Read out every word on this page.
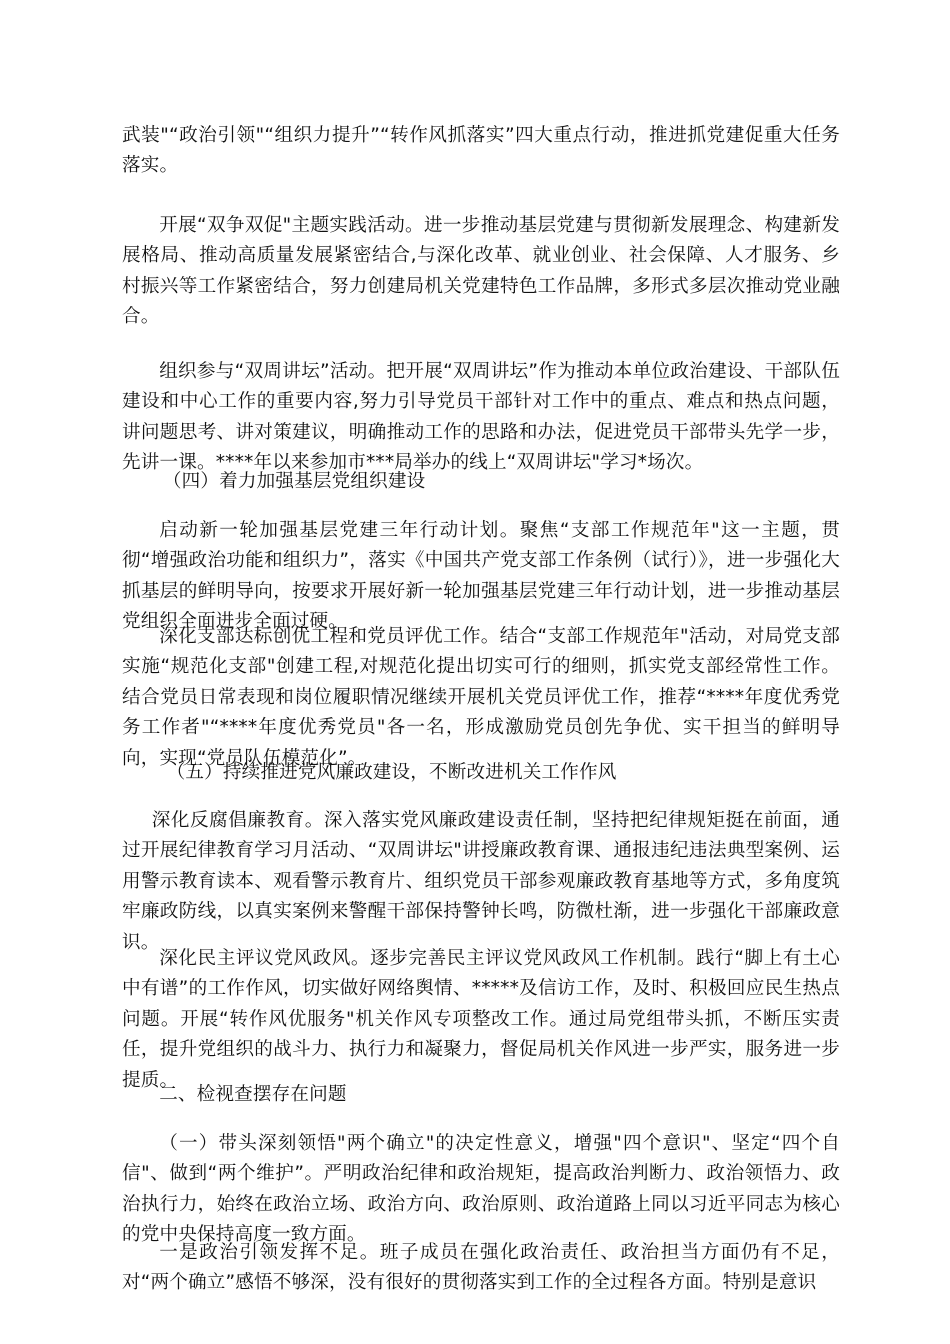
武装"“政治引领"“组织力提升”“转作风抓落实”四大重点行动，推进抓党建促重大任务落实。

开展“双争双促"主题实践活动。进一步推动基层党建与贯彻新发展理念、构建新发展格局、推动高质量发展紧密结合,与深化改革、就业创业、社会保障、人才服务、乡村振兴等工作紧密结合，努力创建局机关党建特色工作品牌，多形式多层次推动党业融合。

组织参与“双周讲坛”活动。把开展“双周讲坛”作为推动本单位政治建设、干部队伍建设和中心工作的重要内容,努力引导党员干部针对工作中的重点、难点和热点问题，讲问题思考、讲对策建议，明确推动工作的思路和办法，促进党员干部带头先学一步，先讲一课。****年以来参加市***局举办的线上“双周讲坛"学习*场次。

（四）着力加强基层党组织建设

启动新一轮加强基层党建三年行动计划。聚焦“支部工作规范年"这一主题，贯彻“增强政治功能和组织力”，落实《中国共产党支部工作条例（试行）》，进一步强化大抓基层的鲜明导向，按要求开展好新一轮加强基层党建三年行动计划，进一步推动基层党组织全面进步全面过硬。

深化支部达标创优工程和党员评优工作。结合“支部工作规范年"活动，对局党支部实施“规范化支部"创建工程,对规范化提出切实可行的细则，抓实党支部经常性工作。结合党员日常表现和岗位履职情况继续开展机关党员评优工作，推荐“****年度优秀党务工作者"“****年度优秀党员"各一名，形成激励党员创先争优、实干担当的鲜明导向，实现“党员队伍模范化”。

（五）持续推进党风廉政建设，不断改进机关工作作风

深化反腐倡廉教育。深入落实党风廉政建设责任制，坚持把纪律规矩挺在前面，通过开展纪律教育学习月活动、“双周讲坛"讲授廉政教育课、通报违纪违法典型案例、运用警示教育读本、观看警示教育片、组织党员干部参观廉政教育基地等方式，多角度筑牢廉政防线，以真实案例来警醒干部保持警钟长鸣，防微杜渐，进一步强化干部廉政意识。

深化民主评议党风政风。逐步完善民主评议党风政风工作机制。践行“脚上有土心中有谱”的工作作风，切实做好网络舆情、*****及信访工作，及时、积极回应民生热点问题。开展“转作风优服务"机关作风专项整改工作。通过局党组带头抓，不断压实责任，提升党组织的战斗力、执行力和凝聚力，督促局机关作风进一步严实，服务进一步提质。

二、检视查摆存在问题

（一）带头深刻领悟"两个确立"的决定性意义，增强"四个意识"、坚定“四个自信"、做到“两个维护”。严明政治纪律和政治规矩，提高政治判断力、政治领悟力、政治执行力，始终在政治立场、政治方向、政治原则、政治道路上同以习近平同志为核心的党中央保持高度一致方面。

一是政治引领发挥不足。班子成员在强化政治责任、政治担当方面仍有不足，对“两个确立”感悟不够深，没有很好的贯彻落实到工作的全过程各方面。特别是意识
